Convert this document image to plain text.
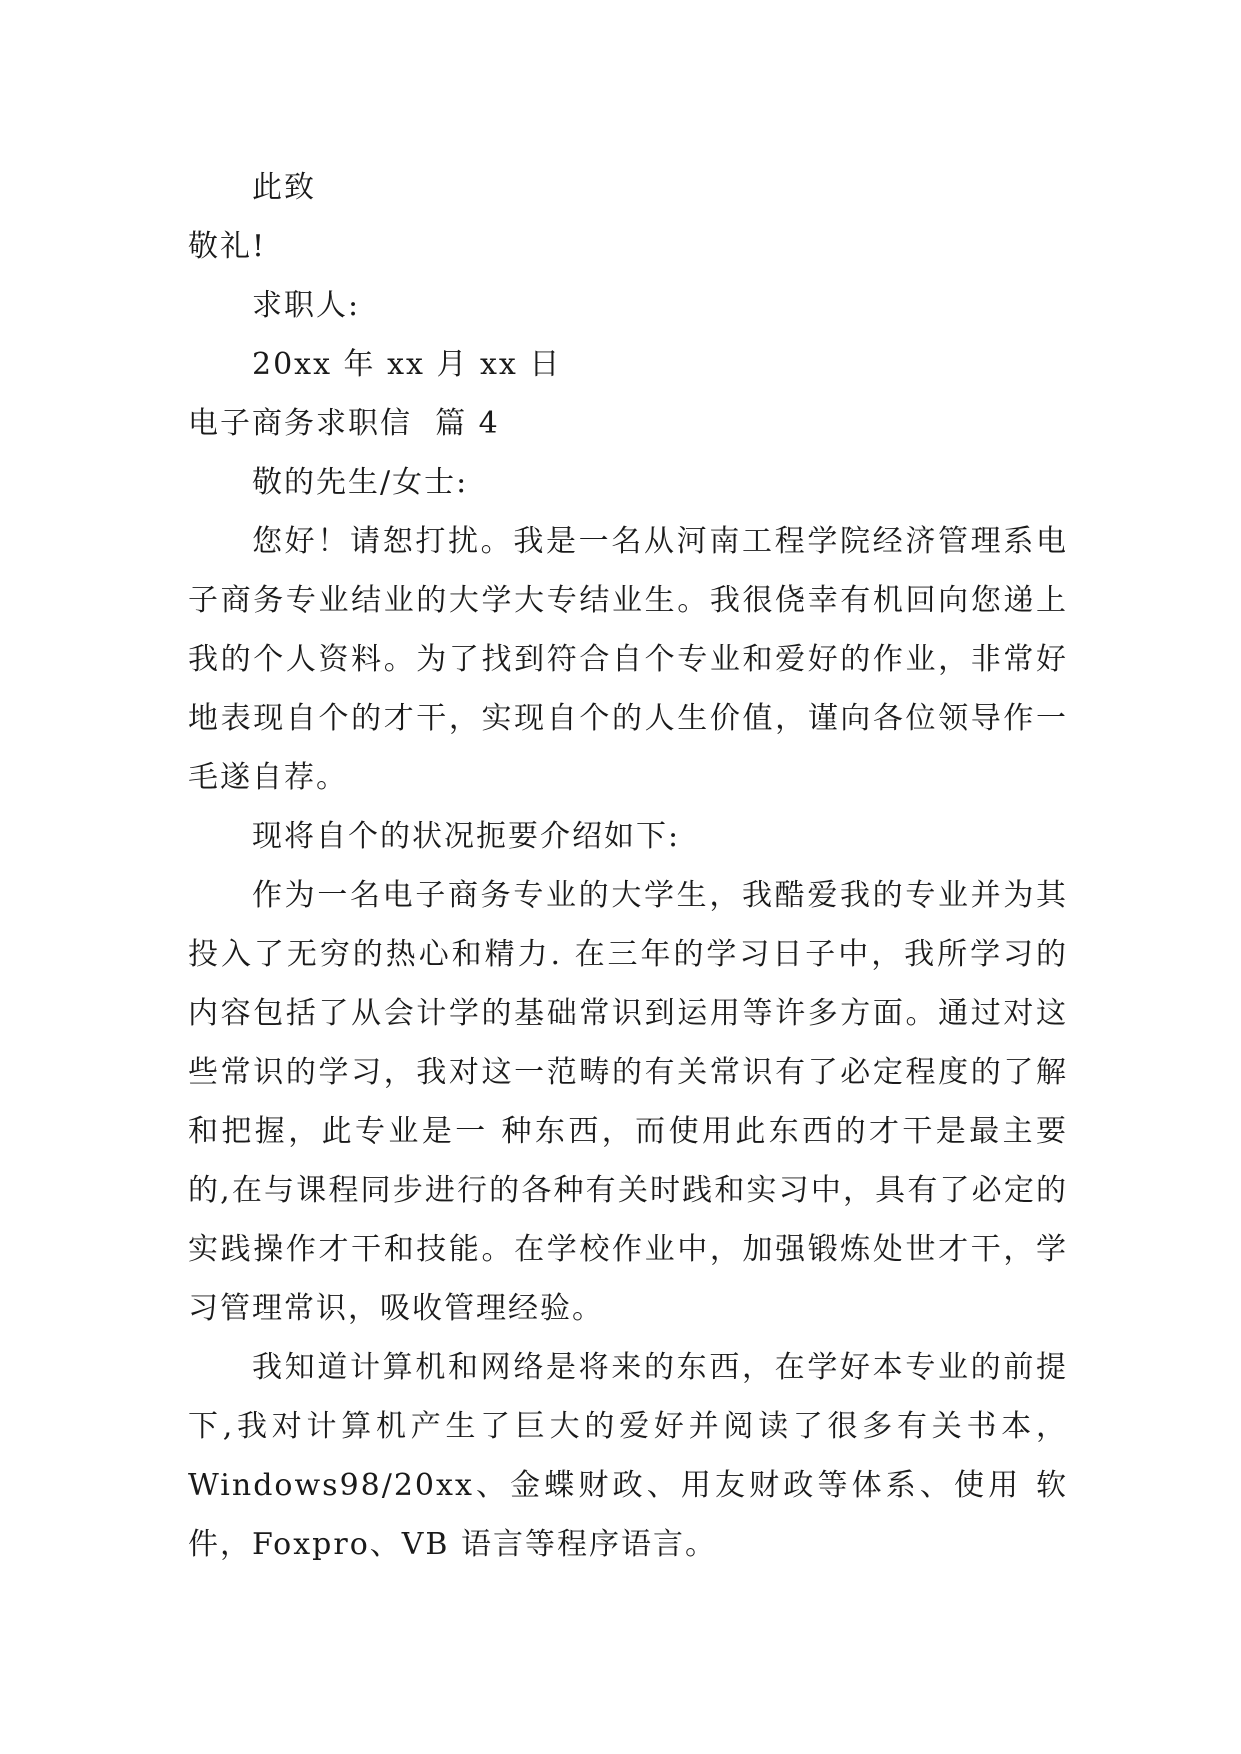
此致

敬礼!

求职人:

20xx 年 xx 月 xx 日

电子商务求职信  篇 4

敬的先生/女士:

您好！请恕打扰。我是一名从河南工程学院经济管理系电子商务专业结业的大学大专结业生。我很侥幸有机回向您递上我的个人资料。为了找到符合自个专业和爱好的作业，非常好地表现自个的才干，实现自个的人生价值，谨向各位领导作一毛遂自荐。

现将自个的状况扼要介绍如下:

作为一名电子商务专业的大学生，我酷爱我的专业并为其投入了无穷的热心和精力. 在三年的学习日子中，我所学习的内容包括了从会计学的基础常识到运用等许多方面。通过对这些常识的学习，我对这一范畴的有关常识有了必定程度的了解和把握，此专业是一 种东西，而使用此东西的才干是最主要的,在与课程同步进行的各种有关时践和实习中，具有了必定的实践操作才干和技能。在学校作业中，加强锻炼处世才干，学习管理常识，吸收管理经验。

我知道计算机和网络是将来的东西，在学好本专业的前提下,我对计算机产生了巨大的爱好并阅读了很多有关书本，Windows98/20xx、金蝶财政、用友财政等体系、使用 软件，Foxpro、VB 语言等程序语言。
